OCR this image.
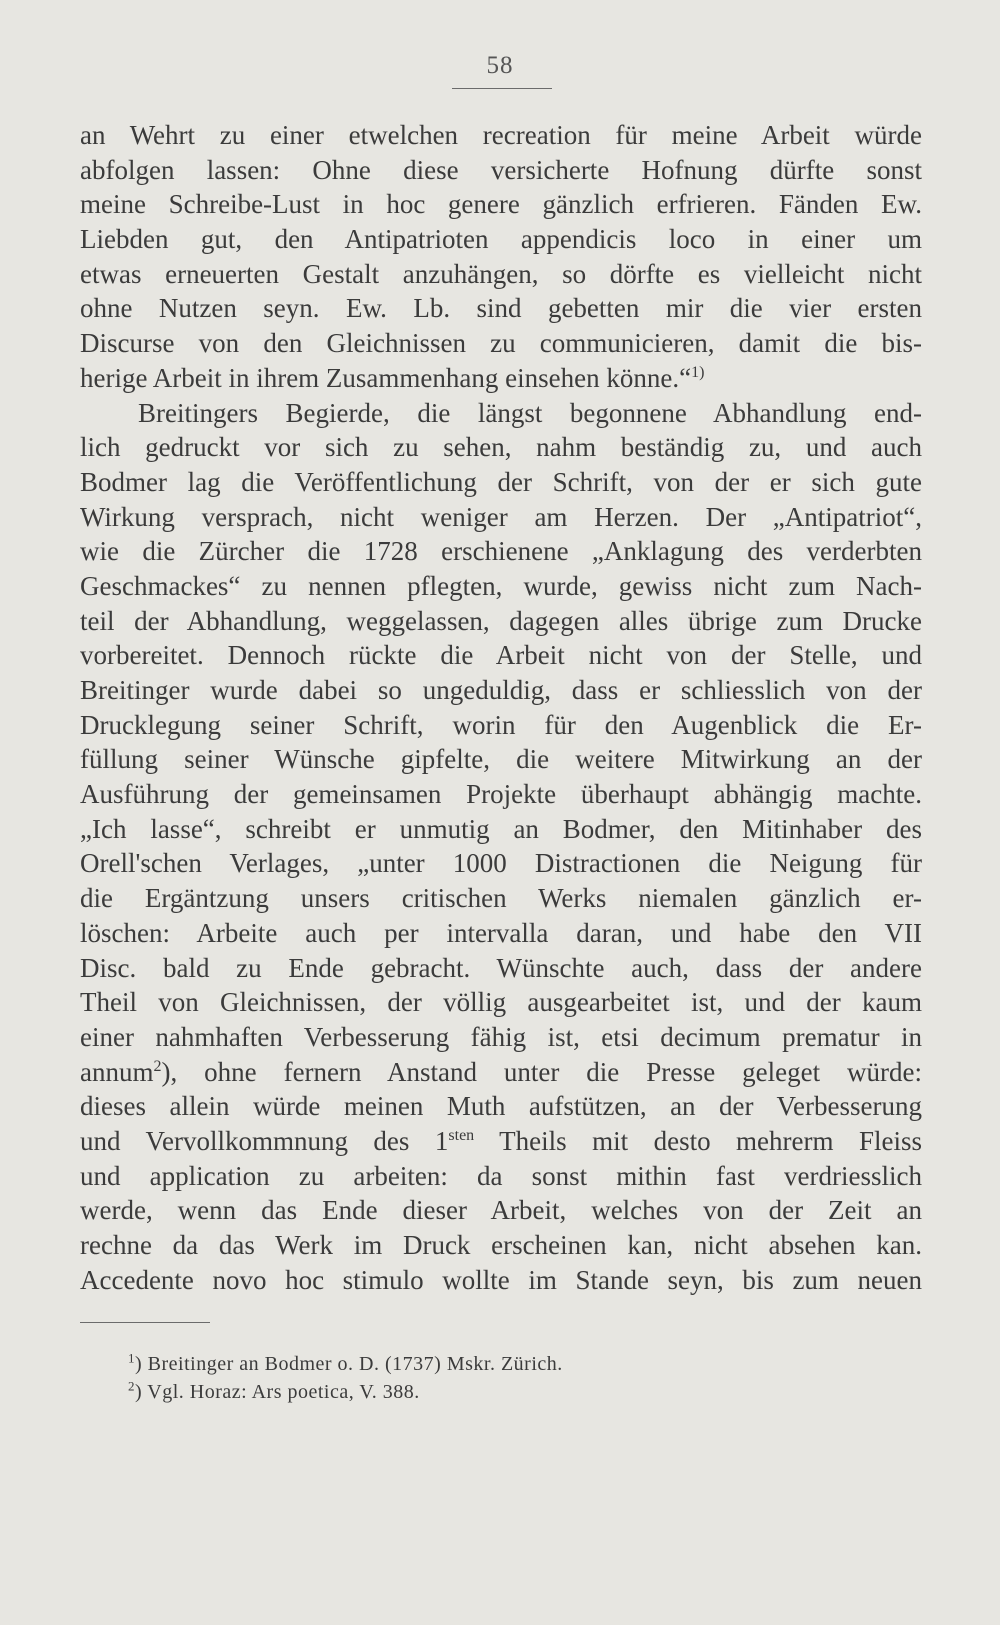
58
an Wehrt zu einer etwelchen recreation für meine Arbeit würde
abfolgen lassen: Ohne diese versicherte Hofnung dürfte sonst
meine Schreibe-Lust in hoc genere gänzlich erfrieren. Fänden Ew.
Liebden gut, den Antipatrioten appendicis loco in einer um
etwas erneuerten Gestalt anzuhängen, so dörfte es vielleicht nicht
ohne Nutzen seyn. Ew. Lb. sind gebetten mir die vier ersten
Discurse von den Gleichnissen zu communicieren, damit die bis-
herige Arbeit in ihrem Zusammenhang einsehen könne.“$^{1)}$
Breitingers Begierde, die längst begonnene Abhandlung end-
lich gedruckt vor sich zu sehen, nahm beständig zu, und auch
Bodmer lag die Veröffentlichung der Schrift, von der er sich gute
Wirkung versprach, nicht weniger am Herzen. Der „Antipatriot“,
wie die Zürcher die 1728 erschienene „Anklagung des verderbten
Geschmackes“ zu nennen pflegten, wurde, gewiss nicht zum Nach-
teil der Abhandlung, weggelassen, dagegen alles übrige zum Drucke
vorbereitet. Dennoch rückte die Arbeit nicht von der Stelle, und
Breitinger wurde dabei so ungeduldig, dass er schliesslich von der
Drucklegung seiner Schrift, worin für den Augenblick die Er-
füllung seiner Wünsche gipfelte, die weitere Mitwirkung an der
Ausführung der gemeinsamen Projekte überhaupt abhängig machte.
„Ich lasse“, schreibt er unmutig an Bodmer, den Mitinhaber des
Orell'schen Verlages, „unter 1000 Distractionen die Neigung für
die Ergäntzung unsers critischen Werks niemalen gänzlich er-
löschen: Arbeite auch per intervalla daran, und habe den VII
Disc. bald zu Ende gebracht. Wünschte auch, dass der andere
Theil von Gleichnissen, der völlig ausgearbeitet ist, und der kaum
einer nahmhaften Verbesserung fähig ist, etsi decimum prematur in
annum$^2$), ohne fernern Anstand unter die Presse geleget würde:
dieses allein würde meinen Muth aufstützen, an der Verbesserung
und Vervollkommnung des $1^{sten}$ Theils mit desto mehrerm Fleiss
und application zu arbeiten: da sonst mithin fast verdriesslich
werde, wenn das Ende dieser Arbeit, welches von der Zeit an
rechne da das Werk im Druck erscheinen kan, nicht absehen kan.
Accedente novo hoc stimulo wollte im Stande seyn, bis zum neuen
$^1$) Breitinger an Bodmer o. D. (1737) Mskr. Zürich.
$^2$) Vgl. Horaz: Ars poetica, V. 388.
